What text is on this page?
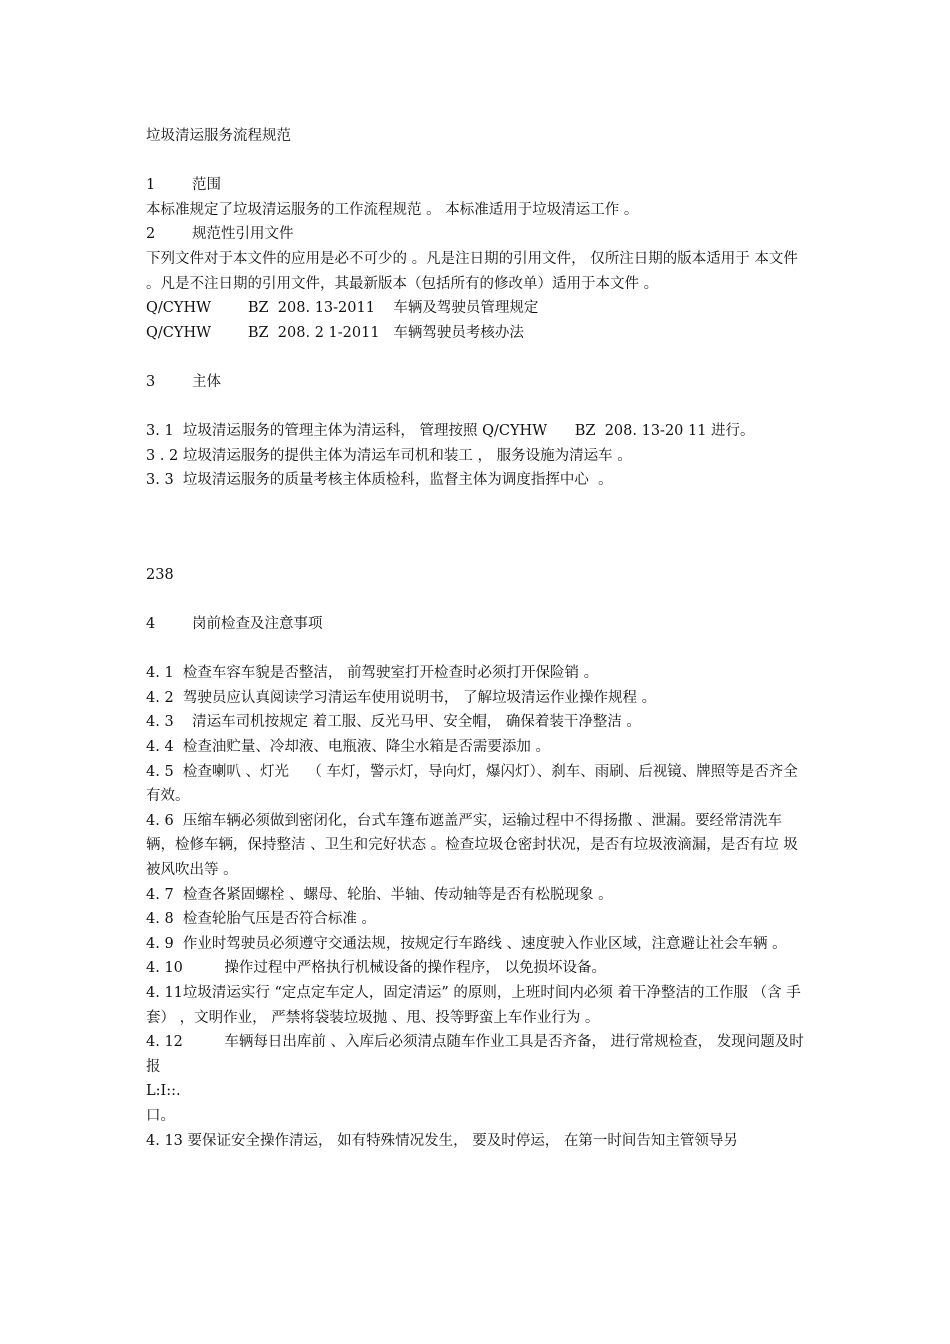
垃圾清运服务流程规范

1	范围

本标准规定了垃圾清运服务的工作流程规范 。 本标准适用于垃圾清运工作 。

2	规范性引用文件

下列文件对于本文件的应用是必不可少的 。凡是注日期的引用文件， 仅所注日期的版本适用于 本文件 。凡是不注日期的引用文件，其最新版本（包括所有的修改单）适用于本文件 。

Q/CYHW        BZ  208. 13-2011    车辆及驾驶员管理规定

Q/CYHW        BZ  208. 2 1-2011   车辆驾驶员考核办法

3	主体

3. 1  垃圾清运服务的管理主体为清运科， 管理按照 Q/CYHW      BZ  208. 13-20 11 进行。

3 . 2 垃圾清运服务的提供主体为清运车司机和装工 ， 服务设施为清运车 。

3. 3  垃圾清运服务的质量考核主体质检科，监督主体为调度指挥中心  。

238

4	岗前检查及注意事项

4. 1  检查车容车貌是否整洁， 前驾驶室打开检查时必须打开保险销 。

4. 2  驾驶员应认真阅读学习清运车使用说明书， 了解垃圾清运作业操作规程 。

4. 3    清运车司机按规定 着工服、反光马甲、安全帽， 确保着装干净整洁 。

4. 4  检查油贮量、冷却液、电瓶液、降尘水箱是否需要添加 。

4. 5  检查喇叭 、灯光    （ 车灯，警示灯，导向灯，爆闪灯）、刹车、雨刷、后视镜、牌照等是否齐全 有效。

4. 6  压缩车辆必须做到密闭化，台式车篷布遮盖严实，运输过程中不得扬撒 、泄漏。要经常清洗车

辆，检修车辆，保持整洁 、卫生和完好状态 。检查垃圾仓密封状况，是否有垃圾液滴漏，是否有垃 圾被风吹出等 。

4. 7  检查各紧固螺栓 、螺母、轮胎、半轴、传动轴等是否有松脱现象 。

4. 8  检查轮胎气压是否符合标准 。

4. 9  作业时驾驶员必须遵守交通法规，按规定行车路线 、速度驶入作业区域，注意避让社会车辆 。

4. 10         操作过程中严格执行机械设备的操作程序， 以免损坏设备。

4. 11垃圾清运实行 “定点定车定人，固定清运” 的原则，上班时间内必须 着干净整洁的工作服 （含 手套） ，文明作业， 严禁将袋装垃圾抛 、甩、投等野蛮上车作业行为 。

4. 12         车辆每日出库前 、入库后必须清点随车作业工具是否齐备， 进行常规检查， 发现问题及时报

L:I::.

口。

4. 13 要保证安全操作清运， 如有特殊情况发生， 要及时停运， 在第一时间告知主管领导另
